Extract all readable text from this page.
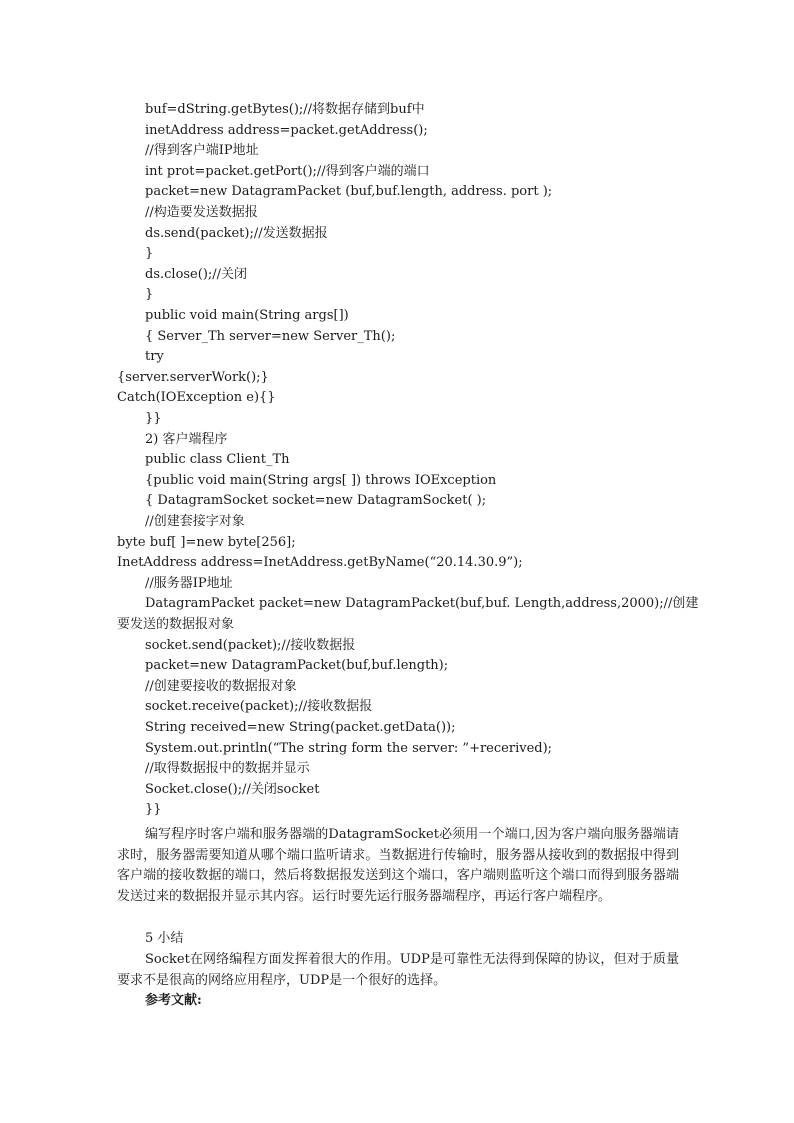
buf=dString.getBytes();//将数据存储到buf中
inetAddress address=packet.getAddress();
//得到客户端IP地址
int prot=packet.getPort();//得到客户端的端口
packet=new DatagramPacket (buf,buf.length, address. port );
//构造要发送数据报
ds.send(packet);//发送数据报
}
ds.close();//关闭
}
public void main(String args[])
{ Server_Th server=new Server_Th();
try
{server.serverWork();}
Catch(IOException e){}
}}
2) 客户端程序
public class Client_Th
{public void main(String args[ ]) throws IOException
{ DatagramSocket socket=new DatagramSocket( );
//创建套接字对象
byte buf[ ]=new byte[256];
InetAddress address=InetAddress.getByName(“20.14.30.9”);
//服务器IP地址
DatagramPacket packet=new DatagramPacket(buf,buf. Length,address,2000);//创建
要发送的数据报对象
socket.send(packet);//接收数据报
packet=new DatagramPacket(buf,buf.length);
//创建要接收的数据报对象
socket.receive(packet);//接收数据报
String received=new String(packet.getData());
System.out.println(“The string form the server: ”+recerived);
//取得数据报中的数据并显示
Socket.close();//关闭socket
}}
编写程序时客户端和服务器端的DatagramSocket必须用一个端口,因为客户端向服务器端请求时，服务器需要知道从哪个端口监听请求。当数据进行传输时，服务器从接收到的数据报中得到客户端的接收数据的端口，然后将数据报发送到这个端口，客户端则监听这个端口而得到服务器端发送过来的数据报并显示其内容。运行时要先运行服务器端程序，再运行客户端程序。
5 小结
Socket在网络编程方面发挥着很大的作用。UDP是可靠性无法得到保障的协议，但对于质量要求不是很高的网络应用程序，UDP是一个很好的选择。
参考文献:
